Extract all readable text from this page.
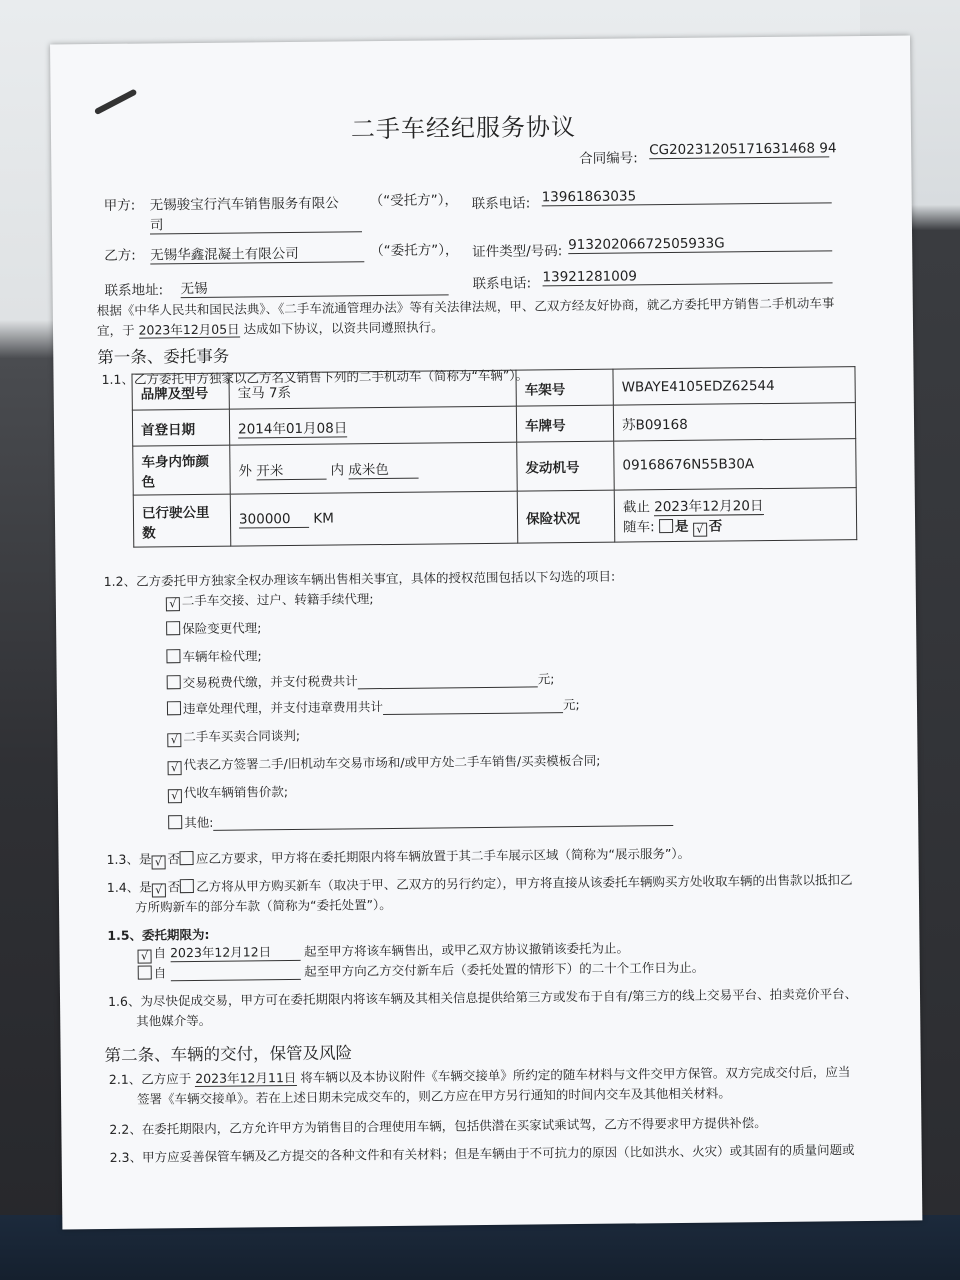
二手车经纪服务协议
合同编号:
CG20231205171631468 94
甲方: 无锡骏宝行汽车销售服务有限公
司
（“受托方”）， 联系电话: 13961863035
乙方: 无锡华鑫混凝土有限公司	（“委托方”）， 证件类型/号码: 91320206672505933G
联系地址: 无锡	联系电话: 13921281009
根据《中华人民共和国民法典》、《二手车流通管理办法》等有关法律法规，甲、乙双方经友好协商，就乙方委托甲方销售二手机动车事
宜，于 2023年12月05日 达成如下协议，以资共同遵照执行。
第一条、委托事务
1.1、乙方委托甲方独家以乙方名义销售下列的二手机动车（简称为“车辆”）。
品牌及型号	宝马 7系	车架号	WBAYE4105EDZ62544
首登日期	2014年01月08日	车牌号	苏B09168
车身内饰颜色	外 开米 内 成米色	发动机号	09168676N55B30A
已行驶公里数	300000 KM	保险状况	截止 2023年12月20日
随车: 是 √ 否
1.2、乙方委托甲方独家全权办理该车辆出售相关事宜，具体的授权范围包括以下勾选的项目:
√ 二手车交接、过户、转籍手续代理;
保险变更代理;
车辆年检代理;
交易税费代缴，并支付税费共计	元;
违章处理代理，并支付违章费用共计	元;
√ 二手车买卖合同谈判;
√ 代表乙方签署二手/旧机动车交易市场和/或甲方处二手车销售/买卖模板合同;
√ 代收车辆销售价款;
其他:
1.3、是 √ 否 应乙方要求，甲方将在委托期限内将车辆放置于其二手车展示区域（简称为“展示服务”）。
1.4、是 √ 否 乙方将从甲方购买新车（取决于甲、乙双方的另行约定），甲方将直接从该委托车辆购买方处收取车辆的出售款以抵扣乙
方所购新车的部分车款（简称为“委托处置”）。
1.5、委托期限为:
√ 自 2023年12月12日	起至甲方将该车辆售出，或甲乙双方协议撤销该委托为止。
自	起至甲方向乙方交付新车后（委托处置的情形下）的二十个工作日为止。
1.6、为尽快促成交易，甲方可在委托期限内将该车辆及其相关信息提供给第三方或发布于自有/第三方的线上交易平台、拍卖竞价平台、
其他媒介等。
第二条、车辆的交付，保管及风险
2.1、乙方应于 2023年12月11日 将车辆以及本协议附件《车辆交接单》所约定的随车材料与文件交甲方保管。双方完成交付后，应当
签署《车辆交接单》。若在上述日期未完成交车的，则乙方应在甲方另行通知的时间内交车及其他相关材料。
2.2、在委托期限内，乙方允许甲方为销售目的合理使用车辆，包括供潜在买家试乘试驾，乙方不得要求甲方提供补偿。
2.3、甲方应妥善保管车辆及乙方提交的各种文件和有关材料；但是车辆由于不可抗力的原因（比如洪水、火灾）或其固有的质量问题或
